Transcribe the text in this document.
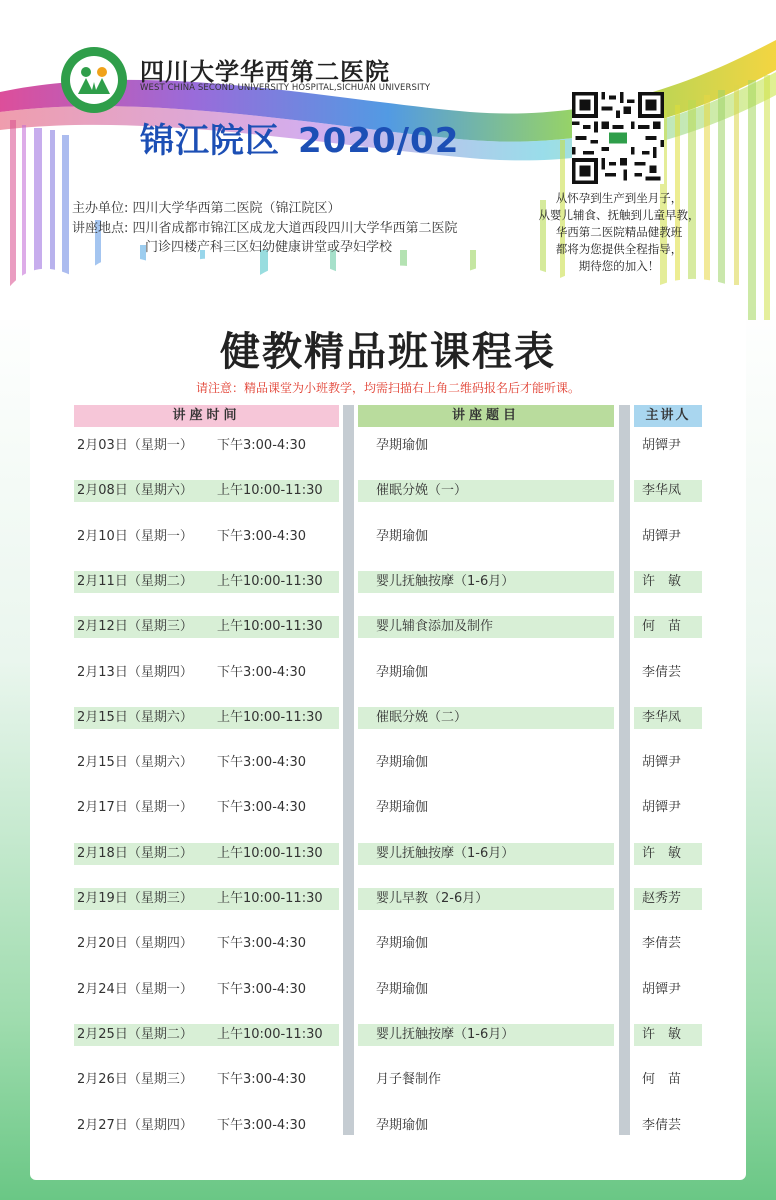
四川大学华西第二医院
WEST CHINA SECOND UNIVERSITY HOSPITAL,SICHUAN UNIVERSITY
锦江院区 2020/02
主办单位: 四川大学华西第二医院（锦江院区）
讲座地点: 四川省成都市锦江区成龙大道西段四川大学华西第二医院
门诊四楼产科三区妇幼健康讲堂或孕妇学校
从怀孕到生产到坐月子，
从婴儿辅食、抚触到儿童早教，
华西第二医院精品健教班
都将为您提供全程指导，
期待您的加入！
健教精品班课程表
请注意：精品课堂为小班教学，均需扫描右上角二维码报名后才能听课。
讲座时间	讲座题目	主讲人
2月03日（星期一） 下午3:00-4:30	孕期瑜伽	胡镡尹
2月08日（星期六） 上午10:00-11:30	催眠分娩（一）	李华凤
2月10日（星期一） 下午3:00-4:30	孕期瑜伽	胡镡尹
2月11日（星期二） 上午10:00-11:30	婴儿抚触按摩（1-6月）	许　敏
2月12日（星期三） 上午10:00-11:30	婴儿辅食添加及制作	何　苗
2月13日（星期四） 下午3:00-4:30	孕期瑜伽	李倩芸
2月15日（星期六） 上午10:00-11:30	催眠分娩（二）	李华凤
2月15日（星期六） 下午3:00-4:30	孕期瑜伽	胡镡尹
2月17日（星期一） 下午3:00-4:30	孕期瑜伽	胡镡尹
2月18日（星期二） 上午10:00-11:30	婴儿抚触按摩（1-6月）	许　敏
2月19日（星期三） 上午10:00-11:30	婴儿早教（2-6月）	赵秀芳
2月20日（星期四） 下午3:00-4:30	孕期瑜伽	李倩芸
2月24日（星期一） 下午3:00-4:30	孕期瑜伽	胡镡尹
2月25日（星期二） 上午10:00-11:30	婴儿抚触按摩（1-6月）	许　敏
2月26日（星期三） 下午3:00-4:30	月子餐制作	何　苗
2月27日（星期四） 下午3:00-4:30	孕期瑜伽	李倩芸
